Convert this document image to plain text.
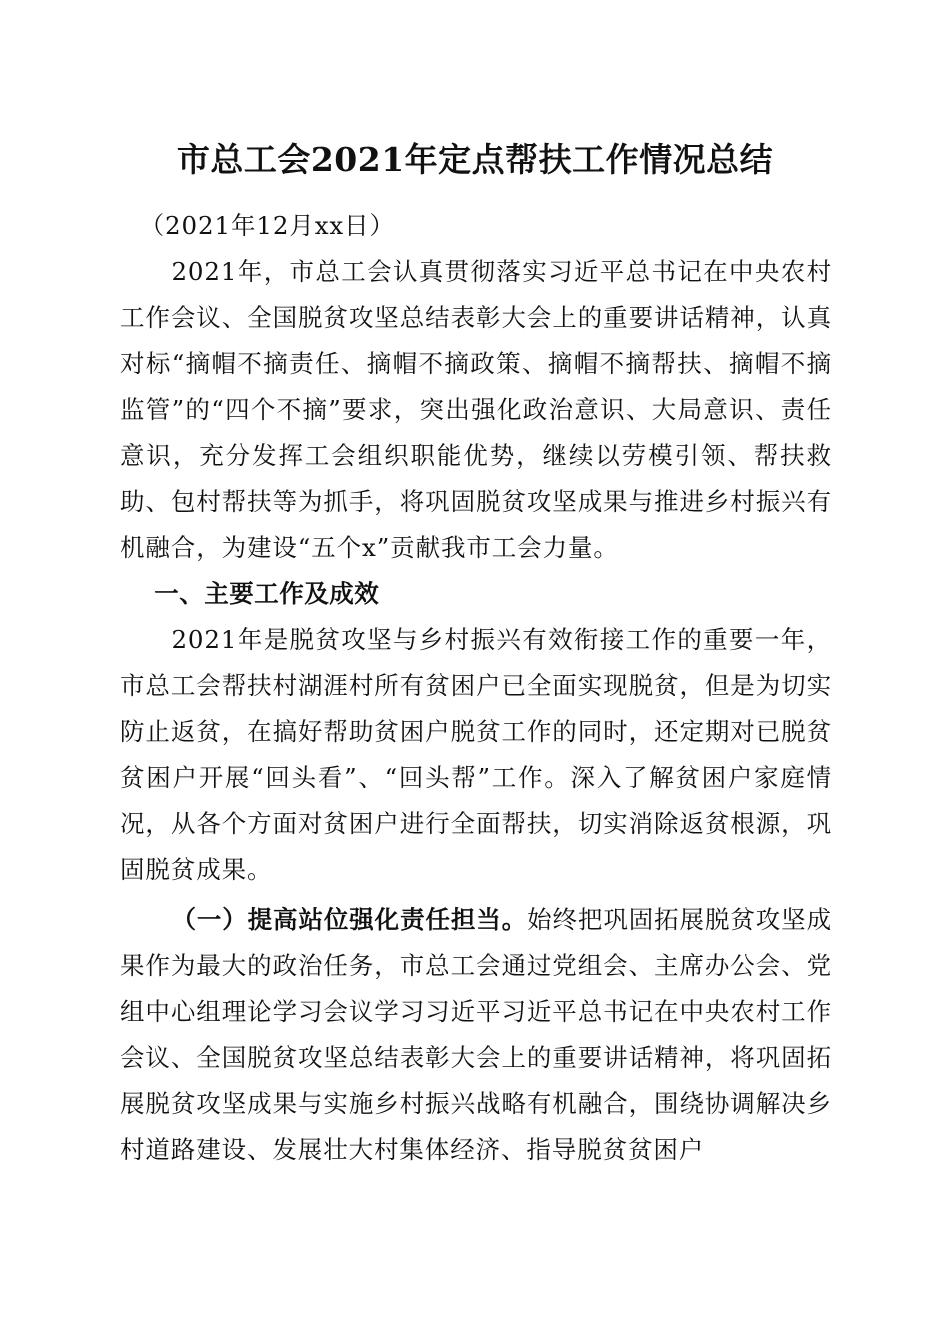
市总工会2021年定点帮扶工作情况总结

（2021年12月xx日）

2021年，市总工会认真贯彻落实习近平总书记在中央农村工作会议、全国脱贫攻坚总结表彰大会上的重要讲话精神，认真对标“摘帽不摘责任、摘帽不摘政策、摘帽不摘帮扶、摘帽不摘监管”的“四个不摘”要求，突出强化政治意识、大局意识、责任意识，充分发挥工会组织职能优势，继续以劳模引领、帮扶救助、包村帮扶等为抓手，将巩固脱贫攻坚成果与推进乡村振兴有机融合，为建设“五个x”贡献我市工会力量。

一、主要工作及成效

2021年是脱贫攻坚与乡村振兴有效衔接工作的重要一年，市总工会帮扶村湖涯村所有贫困户已全面实现脱贫，但是为切实防止返贫，在搞好帮助贫困户脱贫工作的同时，还定期对已脱贫贫困户开展“回头看”、“回头帮”工作。深入了解贫困户家庭情况，从各个方面对贫困户进行全面帮扶，切实消除返贫根源，巩固脱贫成果。

（一）提高站位强化责任担当。始终把巩固拓展脱贫攻坚成果作为最大的政治任务，市总工会通过党组会、主席办公会、党组中心组理论学习会议学习习近平习近平总书记在中央农村工作会议、全国脱贫攻坚总结表彰大会上的重要讲话精神，将巩固拓展脱贫攻坚成果与实施乡村振兴战略有机融合，围绕协调解决乡村道路建设、发展壮大村集体经济、指导脱贫贫困户
